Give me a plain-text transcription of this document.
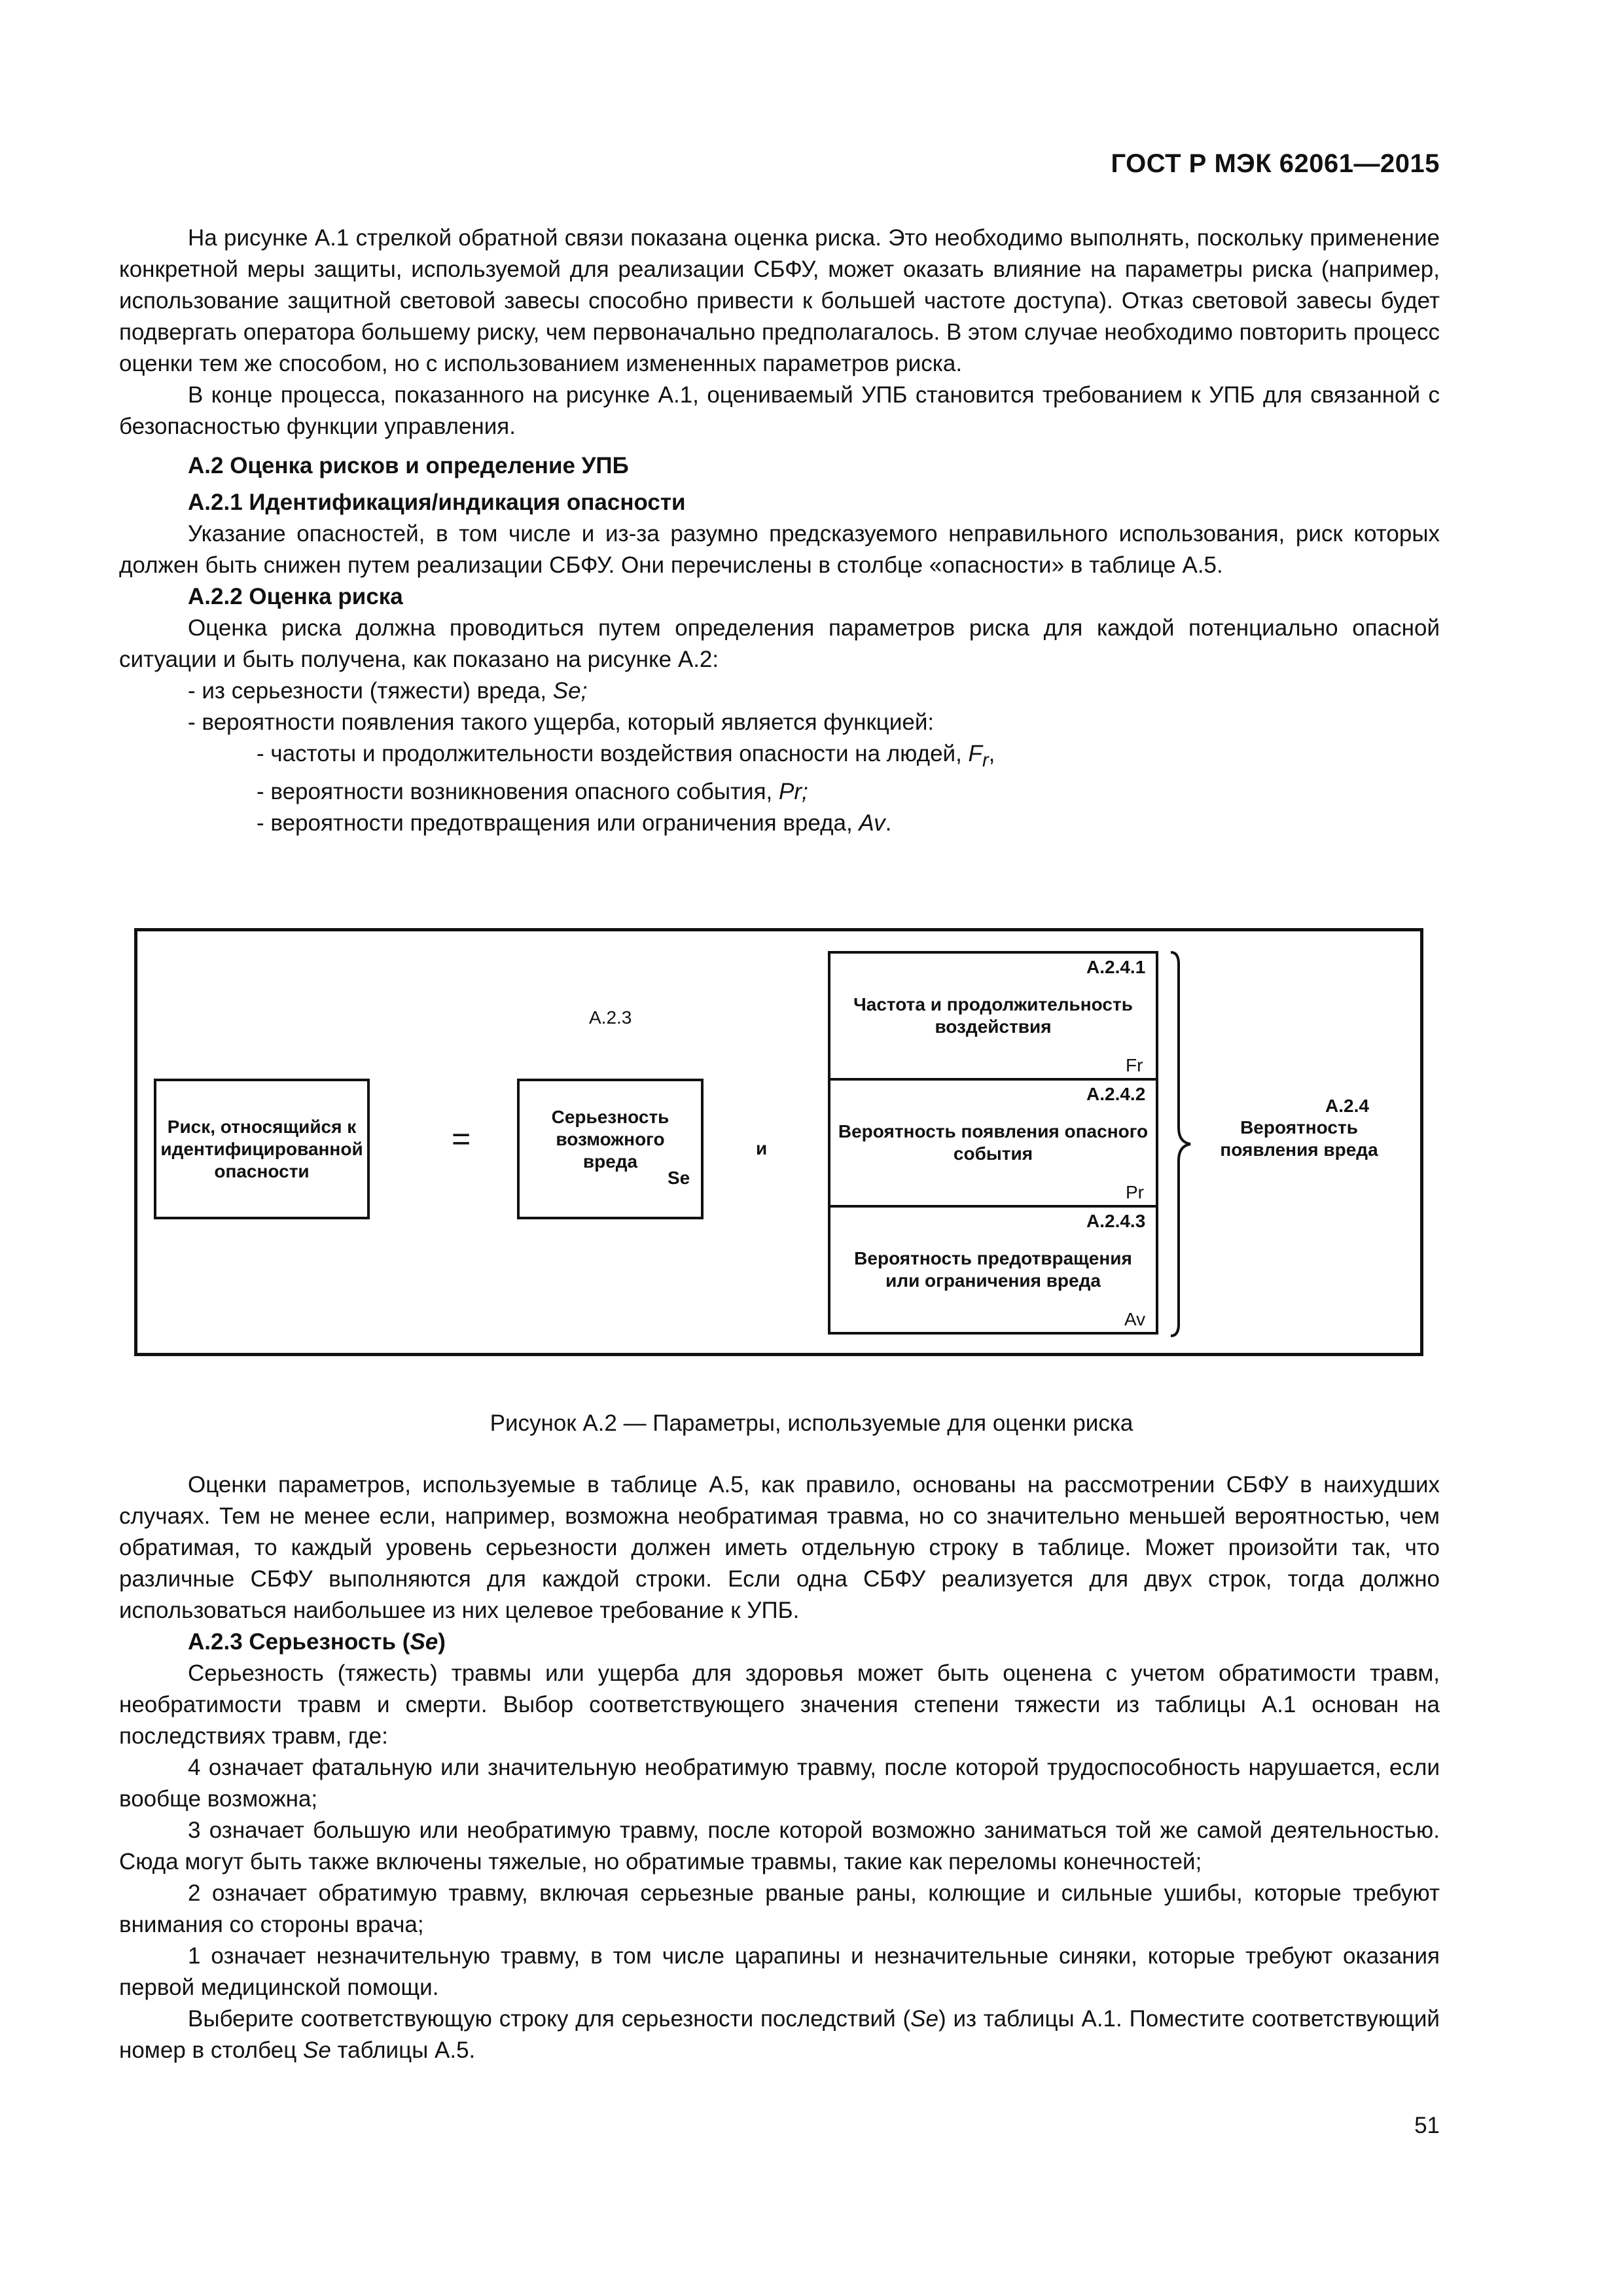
ГОСТ Р МЭК 62061—2015

На рисунке А.1 стрелкой обратной связи показана оценка риска. Это необходимо выполнять, поскольку применение конкретной меры защиты, используемой для реализации СБФУ, может оказать влияние на параметры риска (например, использование защитной световой завесы способно привести к большей частоте доступа). Отказ световой завесы будет подвергать оператора большему риску, чем первоначально предполагалось. В этом случае необходимо повторить процесс оценки тем же способом, но с использованием измененных параметров риска.

В конце процесса, показанного на рисунке А.1, оцениваемый УПБ становится требованием к УПБ для связанной с безопасностью функции управления.

А.2 Оценка рисков и определение УПБ

А.2.1 Идентификация/индикация опасности

Указание опасностей, в том числе и из-за разумно предсказуемого неправильного использования, риск которых должен быть снижен путем реализации СБФУ. Они перечислены в столбце «опасности» в таблице А.5.

А.2.2 Оценка риска

Оценка риска должна проводиться путем определения параметров риска для каждой потенциально опасной ситуации и быть получена, как показано на рисунке А.2:

- из серьезности (тяжести) вреда, Se;

- вероятности появления такого ущерба, который является функцией:

- частоты и продолжительности воздействия опасности на людей, $F_r$,

- вероятности возникновения опасного события, Pr;

- вероятности предотвращения или ограничения вреда, Av.

Риск, относящийся к идентифицированной опасности
=
А.2.3
Серьезность возможного вреда
Se
и
Частота и продолжительность воздействия
А.2.4.1
Fr
Вероятность появления опасного события
А.2.4.2
Pr
Вероятность предотвращения или ограничения вреда
А.2.4.3
Av
А.2.4
Вероятность появления вреда
Рисунок А.2 — Параметры, используемые для оценки риска

Оценки параметров, используемые в таблице А.5, как правило, основаны на рассмотрении СБФУ в наихудших случаях. Тем не менее если, например, возможна необратимая травма, но со значительно меньшей вероятностью, чем обратимая, то каждый уровень серьезности должен иметь отдельную строку в таблице. Может произойти так, что различные СБФУ выполняются для каждой строки. Если одна СБФУ реализуется для двух строк, тогда должно использоваться наибольшее из них целевое требование к УПБ.

А.2.3 Серьезность (Se)

Серьезность (тяжесть) травмы или ущерба для здоровья может быть оценена с учетом обратимости травм, необратимости травм и смерти. Выбор соответствующего значения степени тяжести из таблицы А.1 основан на последствиях травм, где:

4 означает фатальную или значительную необратимую травму, после которой трудоспособность нарушается, если вообще возможна;

3 означает большую или необратимую травму, после которой возможно заниматься той же самой деятельностью. Сюда могут быть также включены тяжелые, но обратимые травмы, такие как переломы конечностей;

2 означает обратимую травму, включая серьезные рваные раны, колющие и сильные ушибы, которые требуют внимания со стороны врача;

1 означает незначительную травму, в том числе царапины и незначительные синяки, которые требуют оказания первой медицинской помощи.

Выберите соответствующую строку для серьезности последствий (Se) из таблицы А.1. Поместите соответствующий номер в столбец Se таблицы А.5.

51
